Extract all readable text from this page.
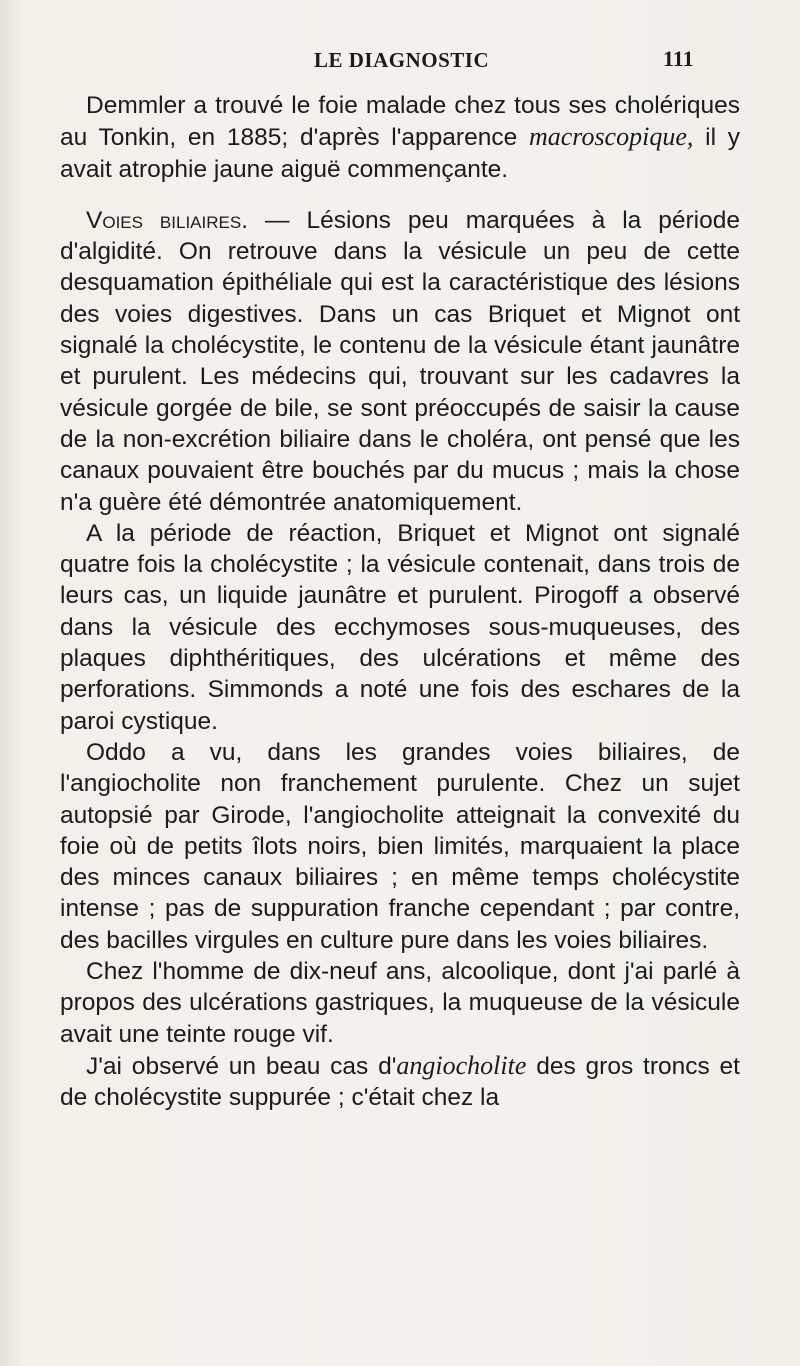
LE DIAGNOSTIC	111

Demmler a trouvé le foie malade chez tous ses cholériques au Tonkin, en 1885; d'après l'apparence macroscopique, il y avait atrophie jaune aiguë commençante.

Voies biliaires. — Lésions peu marquées à la période d'algidité. On retrouve dans la vésicule un peu de cette desquamation épithéliale qui est la caractéristique des lésions des voies digestives. Dans un cas Briquet et Mignot ont signalé la cholécystite, le contenu de la vésicule étant jaunâtre et purulent. Les médecins qui, trouvant sur les cadavres la vésicule gorgée de bile, se sont préoccupés de saisir la cause de la non-excrétion biliaire dans le choléra, ont pensé que les canaux pouvaient être bouchés par du mucus ; mais la chose n'a guère été démontrée anatomiquement.

A la période de réaction, Briquet et Mignot ont signalé quatre fois la cholécystite ; la vésicule contenait, dans trois de leurs cas, un liquide jaunâtre et purulent. Pirogoff a observé dans la vésicule des ecchymoses sous-muqueuses, des plaques diphthéritiques, des ulcérations et même des perforations. Simmonds a noté une fois des eschares de la paroi cystique.

Oddo a vu, dans les grandes voies biliaires, de l'angiocholite non franchement purulente. Chez un sujet autopsié par Girode, l'angiocholite atteignait la convexité du foie où de petits îlots noirs, bien limités, marquaient la place des minces canaux biliaires ; en même temps cholécystite intense ; pas de suppuration franche cependant ; par contre, des bacilles virgules en culture pure dans les voies biliaires.

Chez l'homme de dix-neuf ans, alcoolique, dont j'ai parlé à propos des ulcérations gastriques, la muqueuse de la vésicule avait une teinte rouge vif.

J'ai observé un beau cas d'angiocholite des gros troncs et de cholécystite suppurée ; c'était chez la
